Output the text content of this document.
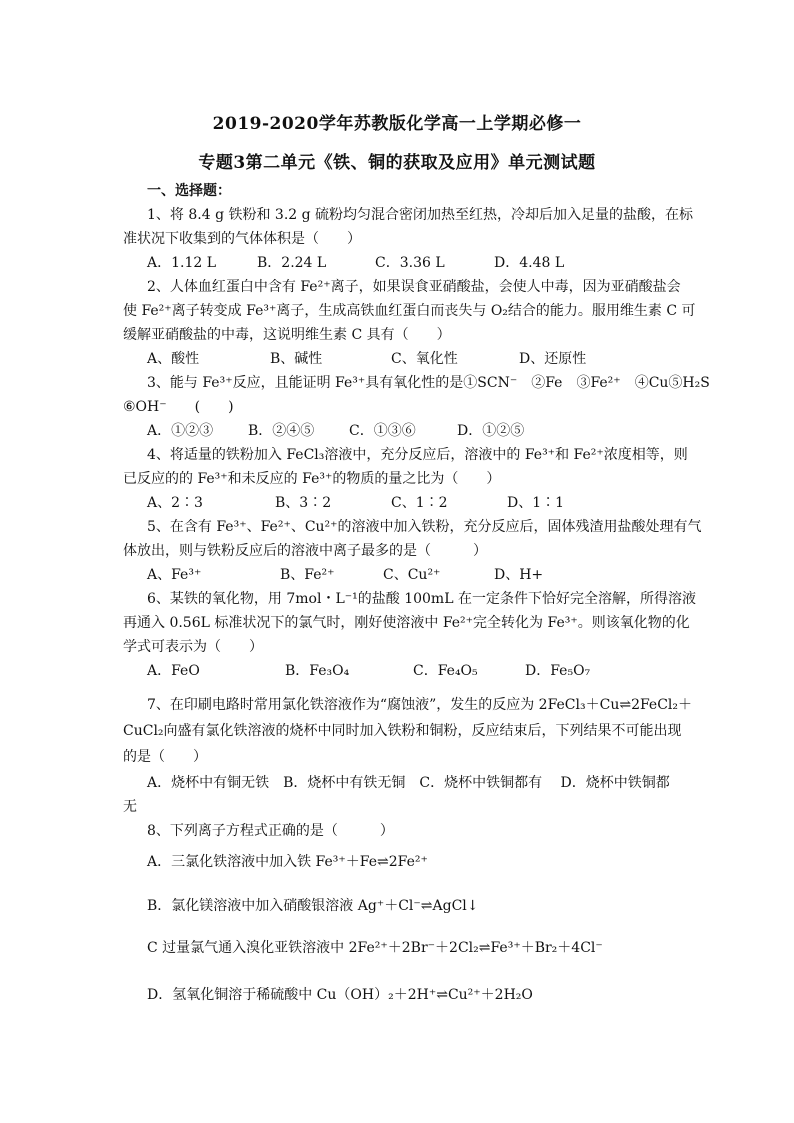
2019-2020学年苏教版化学高一上学期必修一
专题3第二单元《铁、铜的获取及应用》单元测试题
一、选择题：
1、将 8.4 g 铁粉和 3.2 g 硫粉均匀混合密闭加热至红热，冷却后加入足量的盐酸，在标
准状况下收集到的气体体积是（　　）
A．1.12 L	B．2.24 L	C．3.36 L	D．4.48 L
2、人体血红蛋白中含有 Fe²⁺离子，如果误食亚硝酸盐，会使人中毒，因为亚硝酸盐会
使 Fe²⁺离子转变成 Fe³⁺离子，生成高铁血红蛋白而丧失与 O₂结合的能力。服用维生素 C 可
缓解亚硝酸盐的中毒，这说明维生素 C 具有（　　）
A、酸性	B、碱性	C、氧化性	D、还原性
3、能与 Fe³⁺反应，且能证明 Fe³⁺具有氧化性的是①SCN⁻　②Fe　③Fe²⁺　④Cu⑤H₂S
⑥OH⁻　　(　　)
A．①②③ B．②④⑤ C．①③⑥	D．①②⑤
4、将适量的铁粉加入 FeCl₃溶液中，充分反应后，溶液中的 Fe³⁺和 Fe²⁺浓度相等，则
已反应的的 Fe³⁺和未反应的 Fe³⁺的物质的量之比为（　　）
A、2∶3	B、3∶2	C、1∶2	D、1∶1
5、在含有 Fe³⁺、Fe²⁺、Cu²⁺的溶液中加入铁粉，充分反应后，固体残渣用盐酸处理有气
体放出，则与铁粉反应后的溶液中离子最多的是（　　　）
A、Fe³⁺	B、Fe²⁺	C、Cu²⁺	D、H+
6、某铁的氧化物，用 7mol・L⁻¹的盐酸 100mL 在一定条件下恰好完全溶解，所得溶液
再通入 0.56L 标准状况下的氯气时，刚好使溶液中 Fe²⁺完全转化为 Fe³⁺。则该氧化物的化
学式可表示为（　　）
A．FeO	B．Fe₃O₄	C．Fe₄O₅	D．Fe₅O₇
7、在印刷电路时常用氯化铁溶液作为“腐蚀液”，发生的反应为 2FeCl₃＋Cu⇌2FeCl₂＋
CuCl₂向盛有氯化铁溶液的烧杯中同时加入铁粉和铜粉，反应结束后，下列结果不可能出现
的是（　　）
A．烧杯中有铜无铁　B．烧杯中有铁无铜　C．烧杯中铁铜都有　 D．烧杯中铁铜都
无
8、下列离子方程式正确的是（　　　）
A．三氯化铁溶液中加入铁 Fe³⁺＋Fe⇌2Fe²⁺
B．氯化镁溶液中加入硝酸银溶液 Ag⁺＋Cl⁻⇌AgCl↓
C 过量氯气通入溴化亚铁溶液中 2Fe²⁺＋2Br⁻＋2Cl₂⇌Fe³⁺＋Br₂＋4Cl⁻
D．氢氧化铜溶于稀硫酸中 Cu（OH）₂＋2H⁺⇌Cu²⁺＋2H₂O
